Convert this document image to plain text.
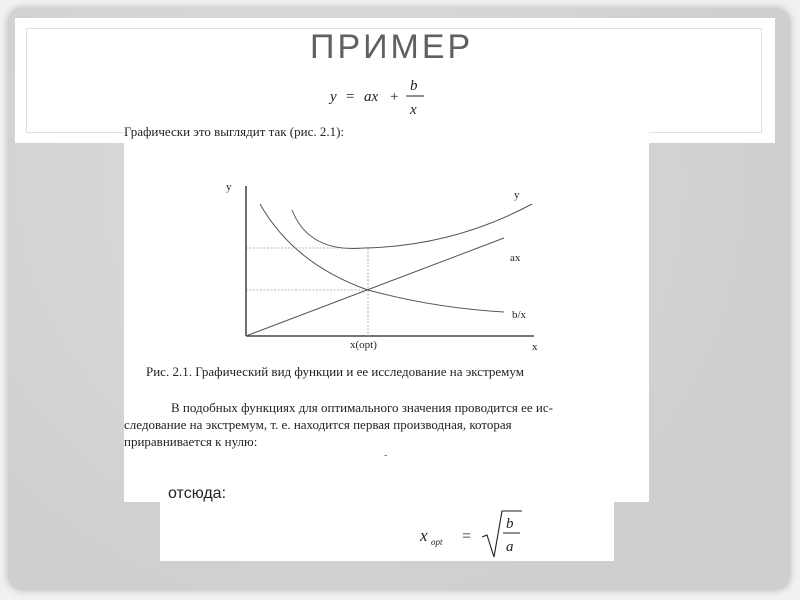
ПРИМЕР
y = ax +
b
x
Графически это выглядит так (рис. 2.1):
y
x
y
ax
b/x
x(opt)
Рис. 2.1. Графический вид функции и ее исследование на экстремум
В подобных функциях для оптимального значения проводится ее ис-
следование на экстремум, т. е. находится первая производная, которая
приравнивается к нулю:
-
отсюда:
x opt =
b
a
